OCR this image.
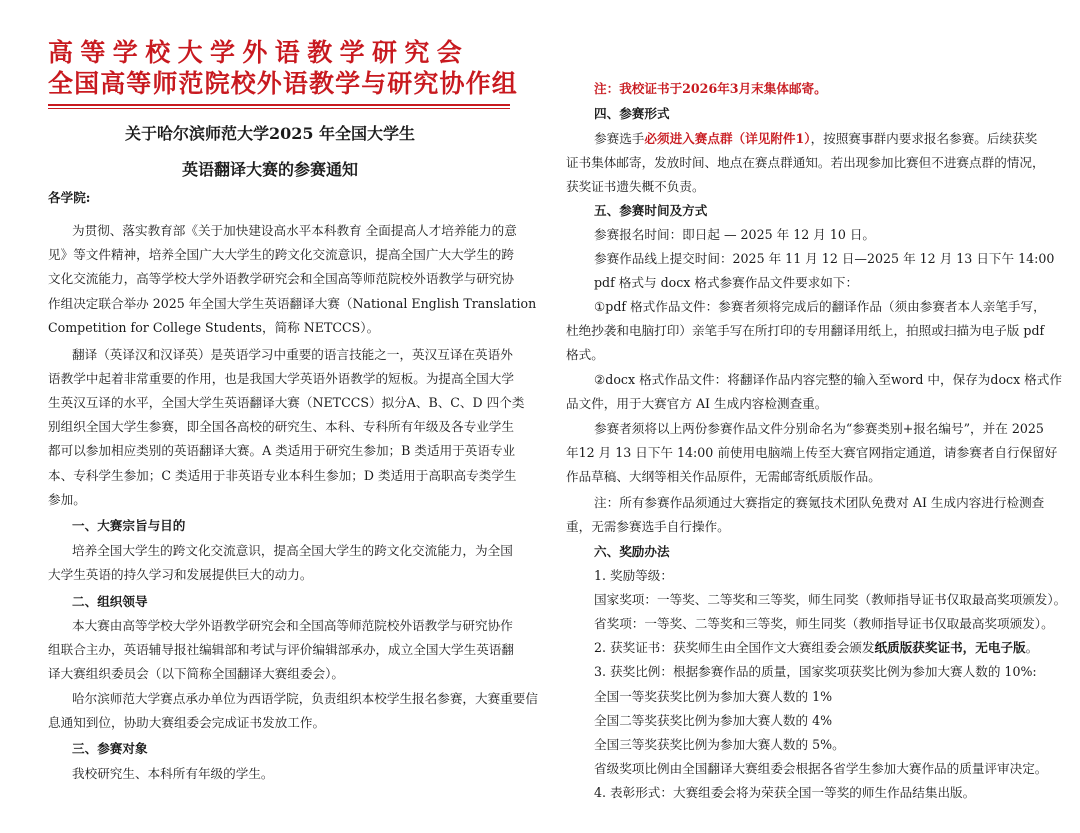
高等学校大学外语教学研究会
全国高等师范院校外语教学与研究协作组
关于哈尔滨师范大学2025 年全国大学生
英语翻译大赛的参赛通知
各学院:
为贯彻、落实教育部《关于加快建设高水平本科教育 全面提高人才培养能力的意
见》等文件精神，培养全国广大大学生的跨文化交流意识，提高全国广大大学生的跨
文化交流能力，高等学校大学外语教学研究会和全国高等师范院校外语教学与研究协
作组决定联合举办 2025 年全国大学生英语翻译大赛（National English Translation
Competition for College Students，简称 NETCCS）。
翻译（英译汉和汉译英）是英语学习中重要的语言技能之一，英汉互译在英语外
语教学中起着非常重要的作用，也是我国大学英语外语教学的短板。为提高全国大学
生英汉互译的水平，全国大学生英语翻译大赛（NETCCS）拟分A、B、C、D 四个类
别组织全国大学生参赛，即全国各高校的研究生、本科、专科所有年级及各专业学生
都可以参加相应类别的英语翻译大赛。A 类适用于研究生参加；B 类适用于英语专业
本、专科学生参加；C 类适用于非英语专业本科生参加；D 类适用于高职高专类学生
参加。
一、大赛宗旨与目的
培养全国大学生的跨文化交流意识，提高全国大学生的跨文化交流能力，为全国
大学生英语的持久学习和发展提供巨大的动力。
二、组织领导
本大赛由高等学校大学外语教学研究会和全国高等师范院校外语教学与研究协作
组联合主办，英语辅导报社编辑部和考试与评价编辑部承办，成立全国大学生英语翻
译大赛组织委员会（以下简称全国翻译大赛组委会）。
哈尔滨师范大学赛点承办单位为西语学院，负责组织本校学生报名参赛，大赛重要信
息通知到位，协助大赛组委会完成证书发放工作。
三、参赛对象
我校研究生、本科所有年级的学生。
注：我校证书于2026年3月末集体邮寄。
四、参赛形式
参赛选手必须进入赛点群（详见附件1），按照赛事群内要求报名参赛。后续获奖
证书集体邮寄，发放时间、地点在赛点群通知。若出现参加比赛但不进赛点群的情况，
获奖证书遗失概不负责。
五、参赛时间及方式
参赛报名时间：即日起 — 2025 年 12 月 10 日。
参赛作品线上提交时间：2025 年 11 月 12 日—2025 年 12 月 13 日下午 14:00
pdf 格式与 docx 格式参赛作品文件要求如下：
①pdf 格式作品文件：参赛者须将完成后的翻译作品（须由参赛者本人亲笔手写，
杜绝抄袭和电脑打印）亲笔手写在所打印的专用翻译用纸上，拍照或扫描为电子版 pdf
格式。
②docx 格式作品文件：将翻译作品内容完整的输入至word 中，保存为docx 格式作
品文件，用于大赛官方 AI 生成内容检测查重。
参赛者须将以上两份参赛作品文件分别命名为“参赛类别+报名编号”，并在 2025
年12 月 13 日下午 14:00 前使用电脑端上传至大赛官网指定通道，请参赛者自行保留好
作品草稿、大纲等相关作品原件，无需邮寄纸质版作品。
注：所有参赛作品须通过大赛指定的赛氪技术团队免费对 AI 生成内容进行检测查
重，无需参赛选手自行操作。
六、奖励办法
1. 奖励等级：
国家奖项：一等奖、二等奖和三等奖，师生同奖（教师指导证书仅取最高奖项颁发）。
省奖项：一等奖、二等奖和三等奖，师生同奖（教师指导证书仅取最高奖项颁发）。
2. 获奖证书：获奖师生由全国作文大赛组委会颁发纸质版获奖证书，无电子版。
3. 获奖比例：根据参赛作品的质量，国家奖项获奖比例为参加大赛人数的 10%:
全国一等奖获奖比例为参加大赛人数的 1%
全国二等奖获奖比例为参加大赛人数的 4%
全国三等奖获奖比例为参加大赛人数的 5%。
省级奖项比例由全国翻译大赛组委会根据各省学生参加大赛作品的质量评审决定。
4. 表彰形式：大赛组委会将为荣获全国一等奖的师生作品结集出版。
